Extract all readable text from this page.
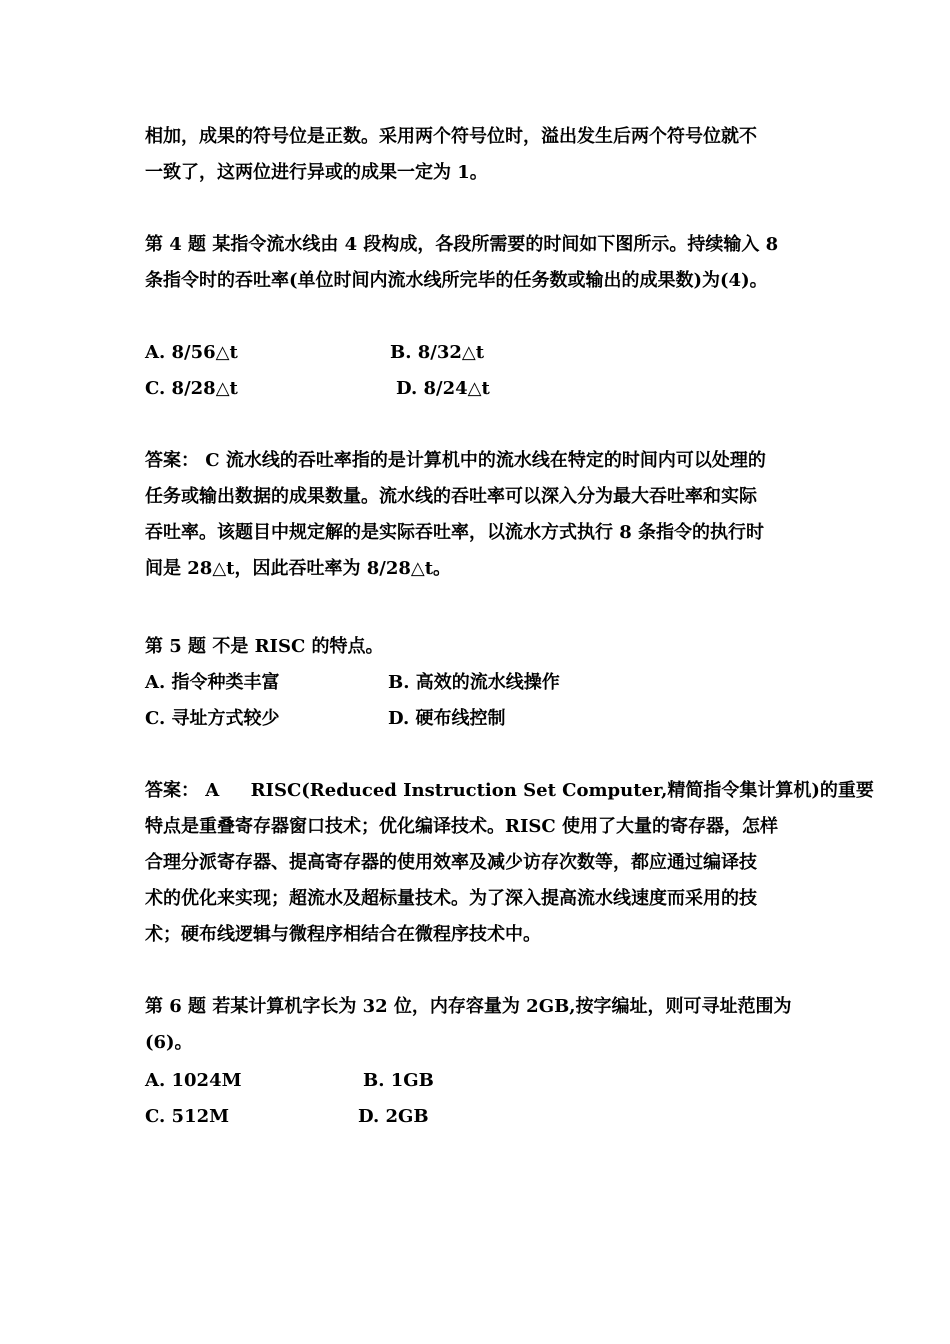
相加，成果的符号位是正数。采用两个符号位时，溢出发生后两个符号位就不
一致了，这两位进行异或的成果一定为 1。
第 4 题 某指令流水线由 4 段构成，各段所需要的时间如下图所示。持续输入 8
条指令时的吞吐率(单位时间内流水线所完毕的任务数或输出的成果数)为(4)。
A. 8/56△t	B. 8/32△t
C. 8/28△t	D. 8/24△t
答案： C 流水线的吞吐率指的是计算机中的流水线在特定的时间内可以处理的
任务或输出数据的成果数量。流水线的吞吐率可以深入分为最大吞吐率和实际
吞吐率。该题目中规定解的是实际吞吐率，以流水方式执行 8 条指令的执行时
间是 28△t，因此吞吐率为 8/28△t。
第 5 题 不是 RISC 的特点。
A. 指令种类丰富	B. 高效的流水线操作
C. 寻址方式较少	D. 硬布线控制
答案： A     RISC(Reduced Instruction Set Computer,精简指令集计算机)的重要
特点是重叠寄存器窗口技术；优化编译技术。RISC 使用了大量的寄存器，怎样
合理分派寄存器、提高寄存器的使用效率及减少访存次数等，都应通过编译技
术的优化来实现；超流水及超标量技术。为了深入提高流水线速度而采用的技
术；硬布线逻辑与微程序相结合在微程序技术中。
第 6 题 若某计算机字长为 32 位，内存容量为 2GB,按字编址，则可寻址范围为
(6)。
A. 1024M	B. 1GB
C. 512M	D. 2GB
